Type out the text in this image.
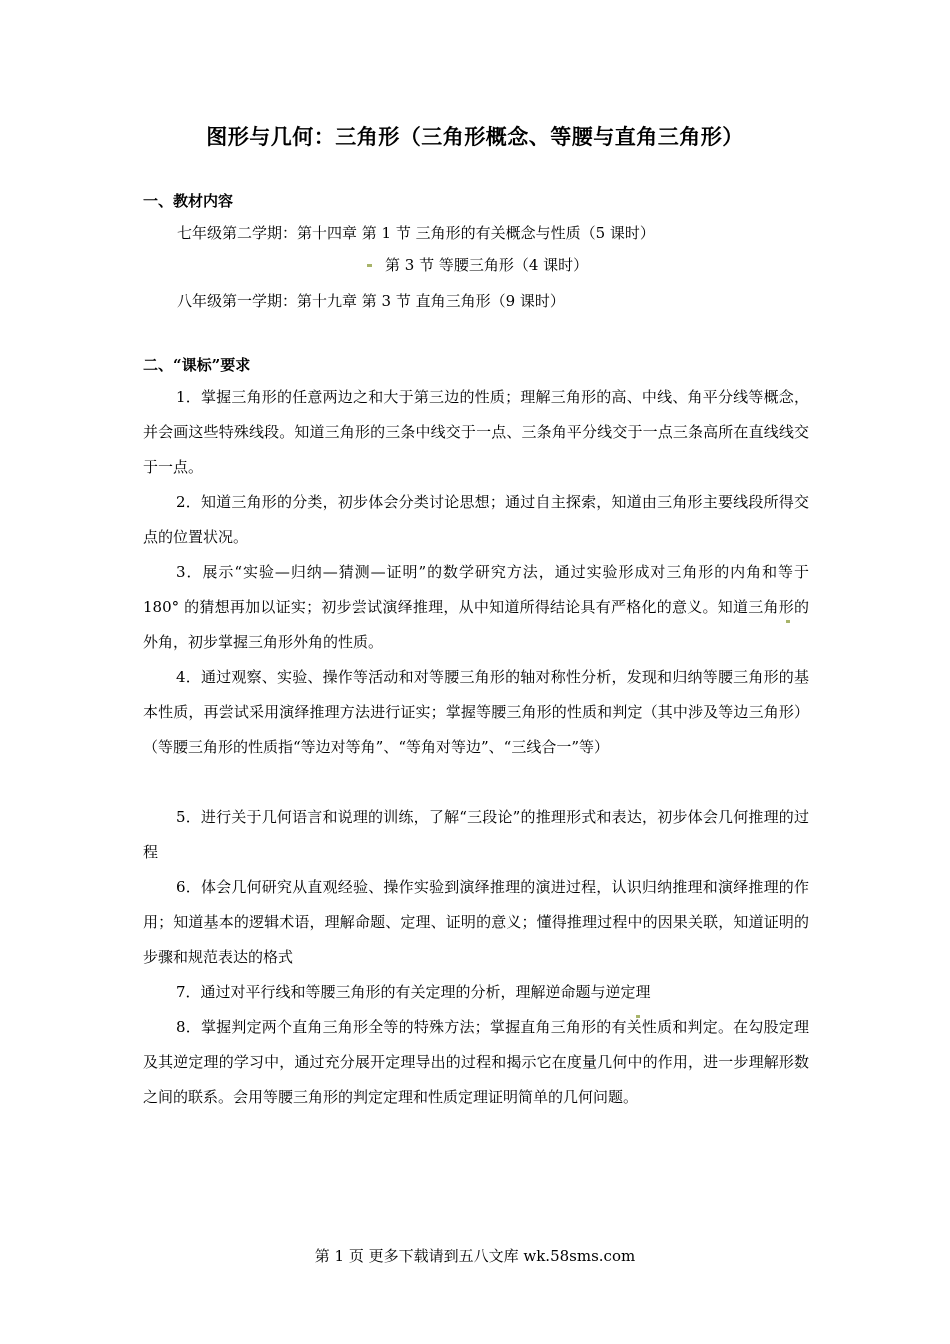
图形与几何：三角形（三角形概念、等腰与直角三角形）
一、教材内容
七年级第二学期：第十四章 第 1 节 三角形的有关概念与性质（5 课时）
第 3 节 等腰三角形（4 课时）
八年级第一学期：第十九章 第 3 节 直角三角形（9 课时）
二、“课标”要求
1．掌握三角形的任意两边之和大于第三边的性质；理解三角形的高、中线、角平分线等概念，并会画这些特殊线段。知道三角形的三条中线交于一点、三条角平分线交于一点三条高所在直线线交于一点。
2．知道三角形的分类，初步体会分类讨论思想；通过自主探索，知道由三角形主要线段所得交点的位置状况。
3．展示“实验—归纳—猜测—证明”的数学研究方法，通过实验形成对三角形的内角和等于 180° 的猜想再加以证实；初步尝试演绎推理，从中知道所得结论具有严格化的意义。知道三角形的外角，初步掌握三角形外角的性质。
4．通过观察、实验、操作等活动和对等腰三角形的轴对称性分析，发现和归纳等腰三角形的基本性质，再尝试采用演绎推理方法进行证实；掌握等腰三角形的性质和判定（其中涉及等边三角形）（等腰三角形的性质指“等边对等角”、“等角对等边”、“三线合一”等）
5．进行关于几何语言和说理的训练，了解“三段论”的推理形式和表达，初步体会几何推理的过程
6．体会几何研究从直观经验、操作实验到演绎推理的演进过程，认识归纳推理和演绎推理的作用；知道基本的逻辑术语，理解命题、定理、证明的意义；懂得推理过程中的因果关联，知道证明的步骤和规范表达的格式
7．通过对平行线和等腰三角形的有关定理的分析，理解逆命题与逆定理
8．掌握判定两个直角三角形全等的特殊方法；掌握直角三角形的有关性质和判定。在勾股定理及其逆定理的学习中，通过充分展开定理导出的过程和揭示它在度量几何中的作用，进一步理解形数之间的联系。会用等腰三角形的判定定理和性质定理证明简单的几何问题。
第 1 页 更多下载请到五八文库 wk.58sms.com
